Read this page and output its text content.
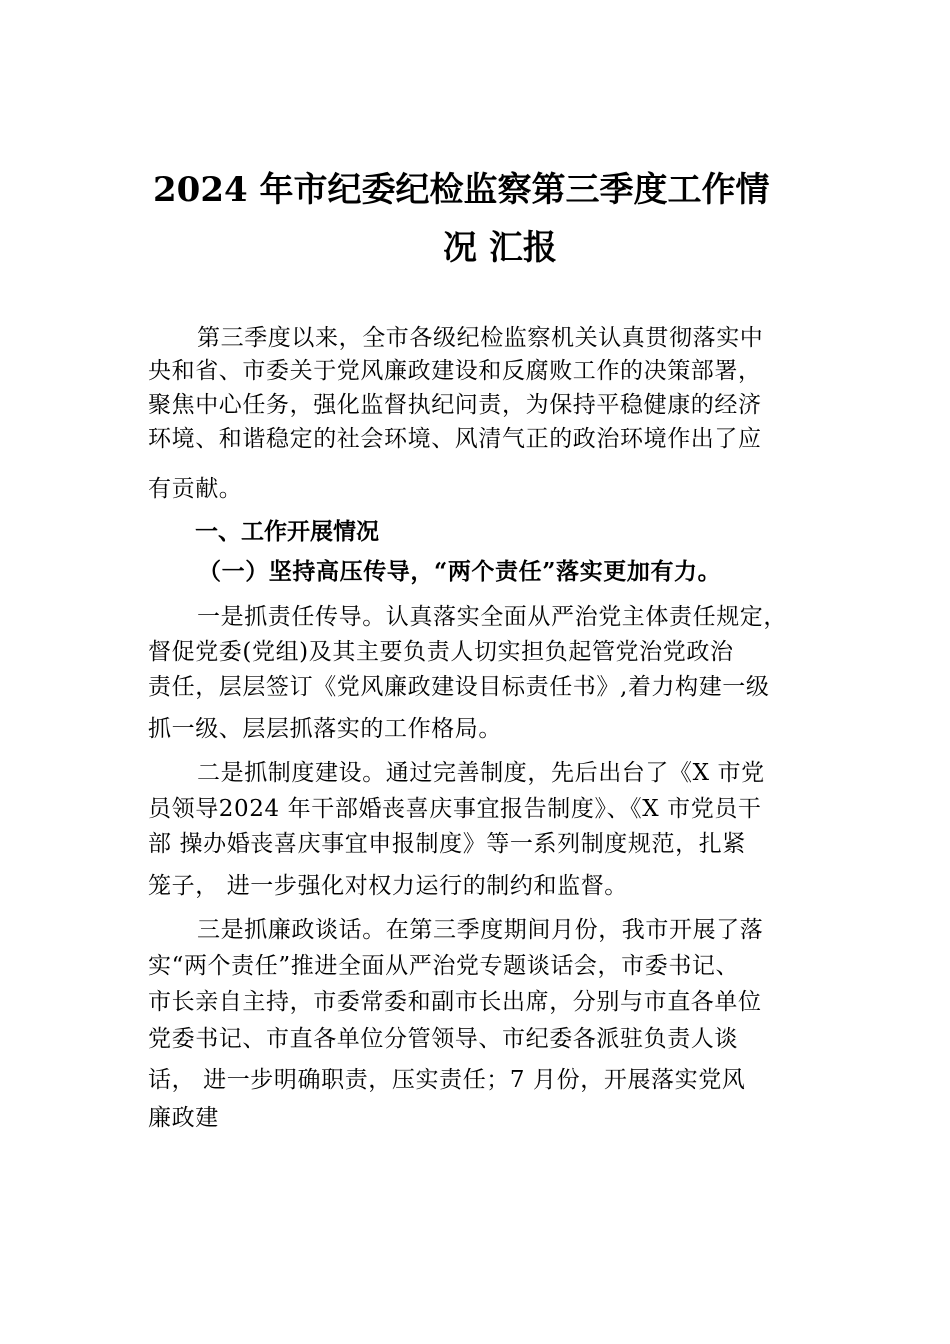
2024 年市纪委纪检监察第三季度工作情
况 汇报
第三季度以来，全市各级纪检监察机关认真贯彻落实中
央和省、市委关于党风廉政建设和反腐败工作的决策部署，
聚焦中心任务，强化监督执纪问责，为保持平稳健康的经济
环境、和谐稳定的社会环境、风清气正的政治环境作出了应
有贡献。
一、工作开展情况
（一）坚持高压传导，“两个责任”落实更加有力。
一是抓责任传导。认真落实全面从严治党主体责任规定，
督促党委(党组)及其主要负责人切实担负起管党治党政治
责任，层层签订《党风廉政建设目标责任书》,着力构建一级
抓一级、层层抓落实的工作格局。
二是抓制度建设。通过完善制度，先后出台了《X 市党
员领导2024 年干部婚丧喜庆事宜报告制度》、《X 市党员干
部 操办婚丧喜庆事宜申报制度》等一系列制度规范，扎紧
笼子， 进一步强化对权力运行的制约和监督。
三是抓廉政谈话。在第三季度期间月份，我市开展了落
实“两个责任”推进全面从严治党专题谈话会，市委书记、
市长亲自主持，市委常委和副市长出席，分别与市直各单位
党委书记、市直各单位分管领导、市纪委各派驻负责人谈
话， 进一步明确职责，压实责任；7 月份，开展落实党风
廉政建
